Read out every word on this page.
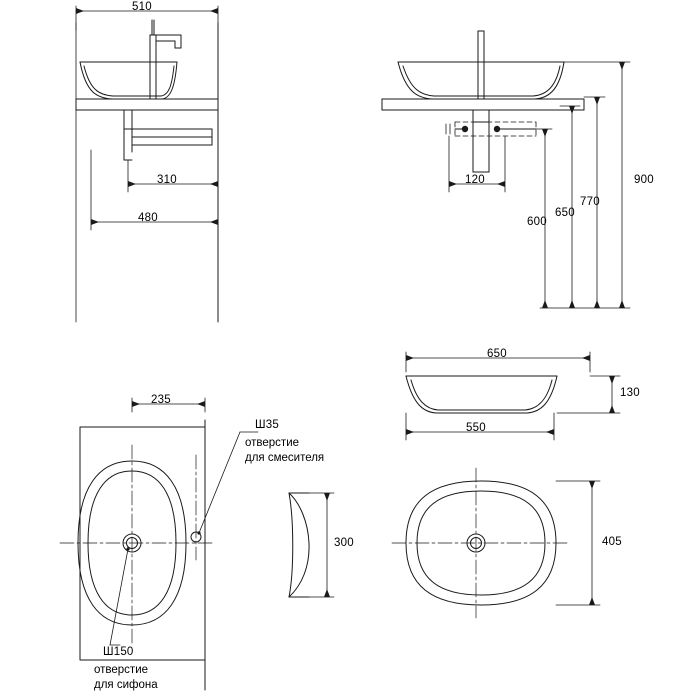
510
310
480
120
600
650
770
900
235
Ш35
отверстие
для смесителя
Ш150
отверстие
для сифона
300
650
130
550
405
